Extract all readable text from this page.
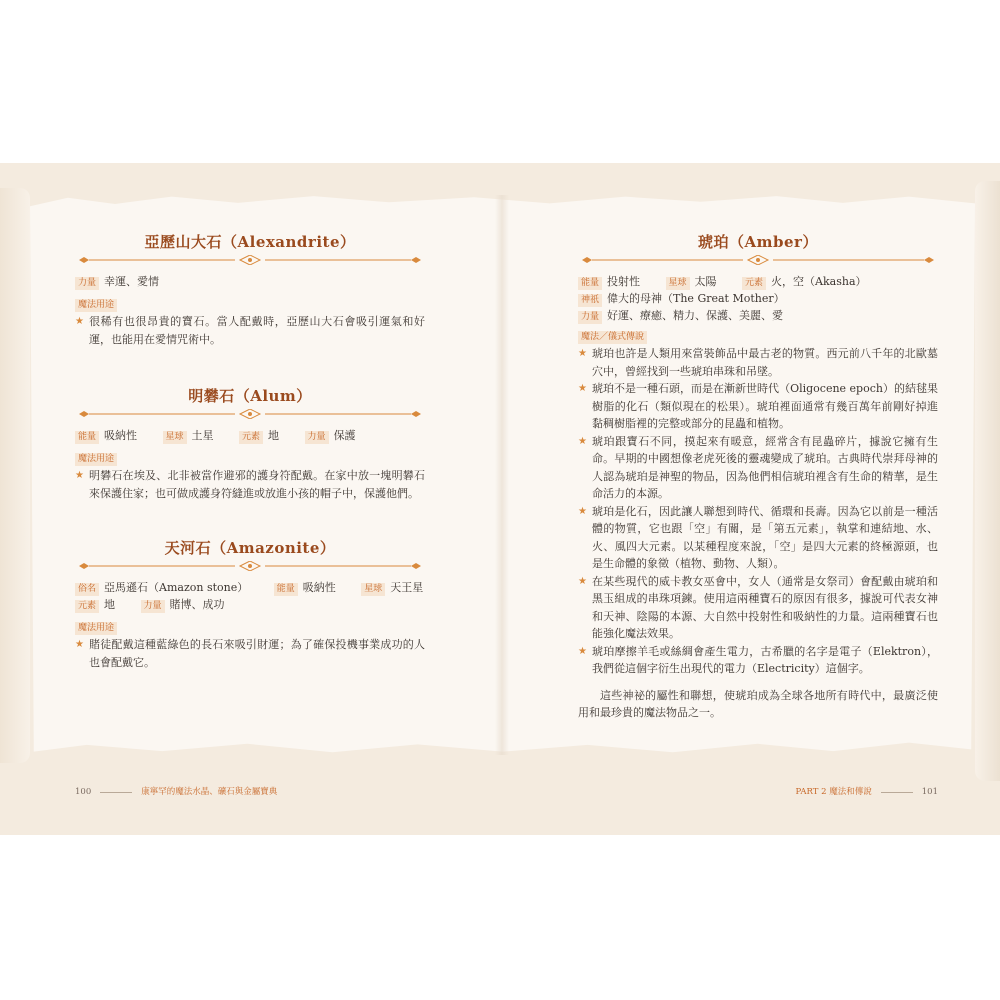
亞歷山大石（Alexandrite）
力量 幸運、愛情
魔法用途

★ 很稀有也很昂貴的寶石。當人配戴時，亞歷山大石會吸引運氣和好運，也能用在愛情咒術中。

明礬石（Alum）
能量 吸納性	星球 土星	元素 地	力量 保護
魔法用途

★ 明礬石在埃及、北非被當作避邪的護身符配戴。在家中放一塊明礬石來保護住家；也可做成護身符縫進或放進小孩的帽子中，保護他們。

天河石（Amazonite）
俗名 亞馬遜石（Amazon stone）	能量 吸納性	星球 天王星
元素 地	力量 賭博、成功
魔法用途

★ 賭徒配戴這種藍綠色的長石來吸引財運；為了確保投機事業成功的人也會配戴它。

100	康寧罕的魔法水晶、礦石與金屬寶典
琥珀（Amber）
能量 投射性	星球 太陽	元素 火，空（Akasha）
神祇 偉大的母神（The Great Mother）
力量 好運、療癒、精力、保護、美麗、愛
魔法／儀式傳說

★ 琥珀也許是人類用來當裝飾品中最古老的物質。西元前八千年的北歐墓穴中，曾經找到一些琥珀串珠和吊墜。

★ 琥珀不是一種石頭，而是在漸新世時代（Oligocene epoch）的結毬果樹脂的化石（類似現在的松果）。琥珀裡面通常有幾百萬年前剛好掉進黏稠樹脂裡的完整或部分的昆蟲和植物。

★ 琥珀跟寶石不同，摸起來有暖意，經常含有昆蟲碎片，據說它擁有生命。早期的中國想像老虎死後的靈魂變成了琥珀。古典時代崇拜母神的人認為琥珀是神聖的物品，因為他們相信琥珀裡含有生命的精華，是生命活力的本源。

★ 琥珀是化石，因此讓人聯想到時代、循環和長壽。因為它以前是一種活體的物質，它也跟「空」有關，是「第五元素」，執掌和連結地、水、火、風四大元素。以某種程度來說，「空」是四大元素的終極源頭，也是生命體的象徵（植物、動物、人類）。

★ 在某些現代的威卡教女巫會中，女人（通常是女祭司）會配戴由琥珀和黑玉組成的串珠項鍊。使用這兩種寶石的原因有很多，據說可代表女神和天神、陰陽的本源、大自然中投射性和吸納性的力量。這兩種寶石也能強化魔法效果。

★ 琥珀摩擦羊毛或絲綢會產生電力，古希臘的名字是電子（Elektron），我們從這個字衍生出現代的電力（Electricity）這個字。

這些神祕的屬性和聯想，使琥珀成為全球各地所有時代中，最廣泛使用和最珍貴的魔法物品之一。

PART 2 魔法和傳說	101
